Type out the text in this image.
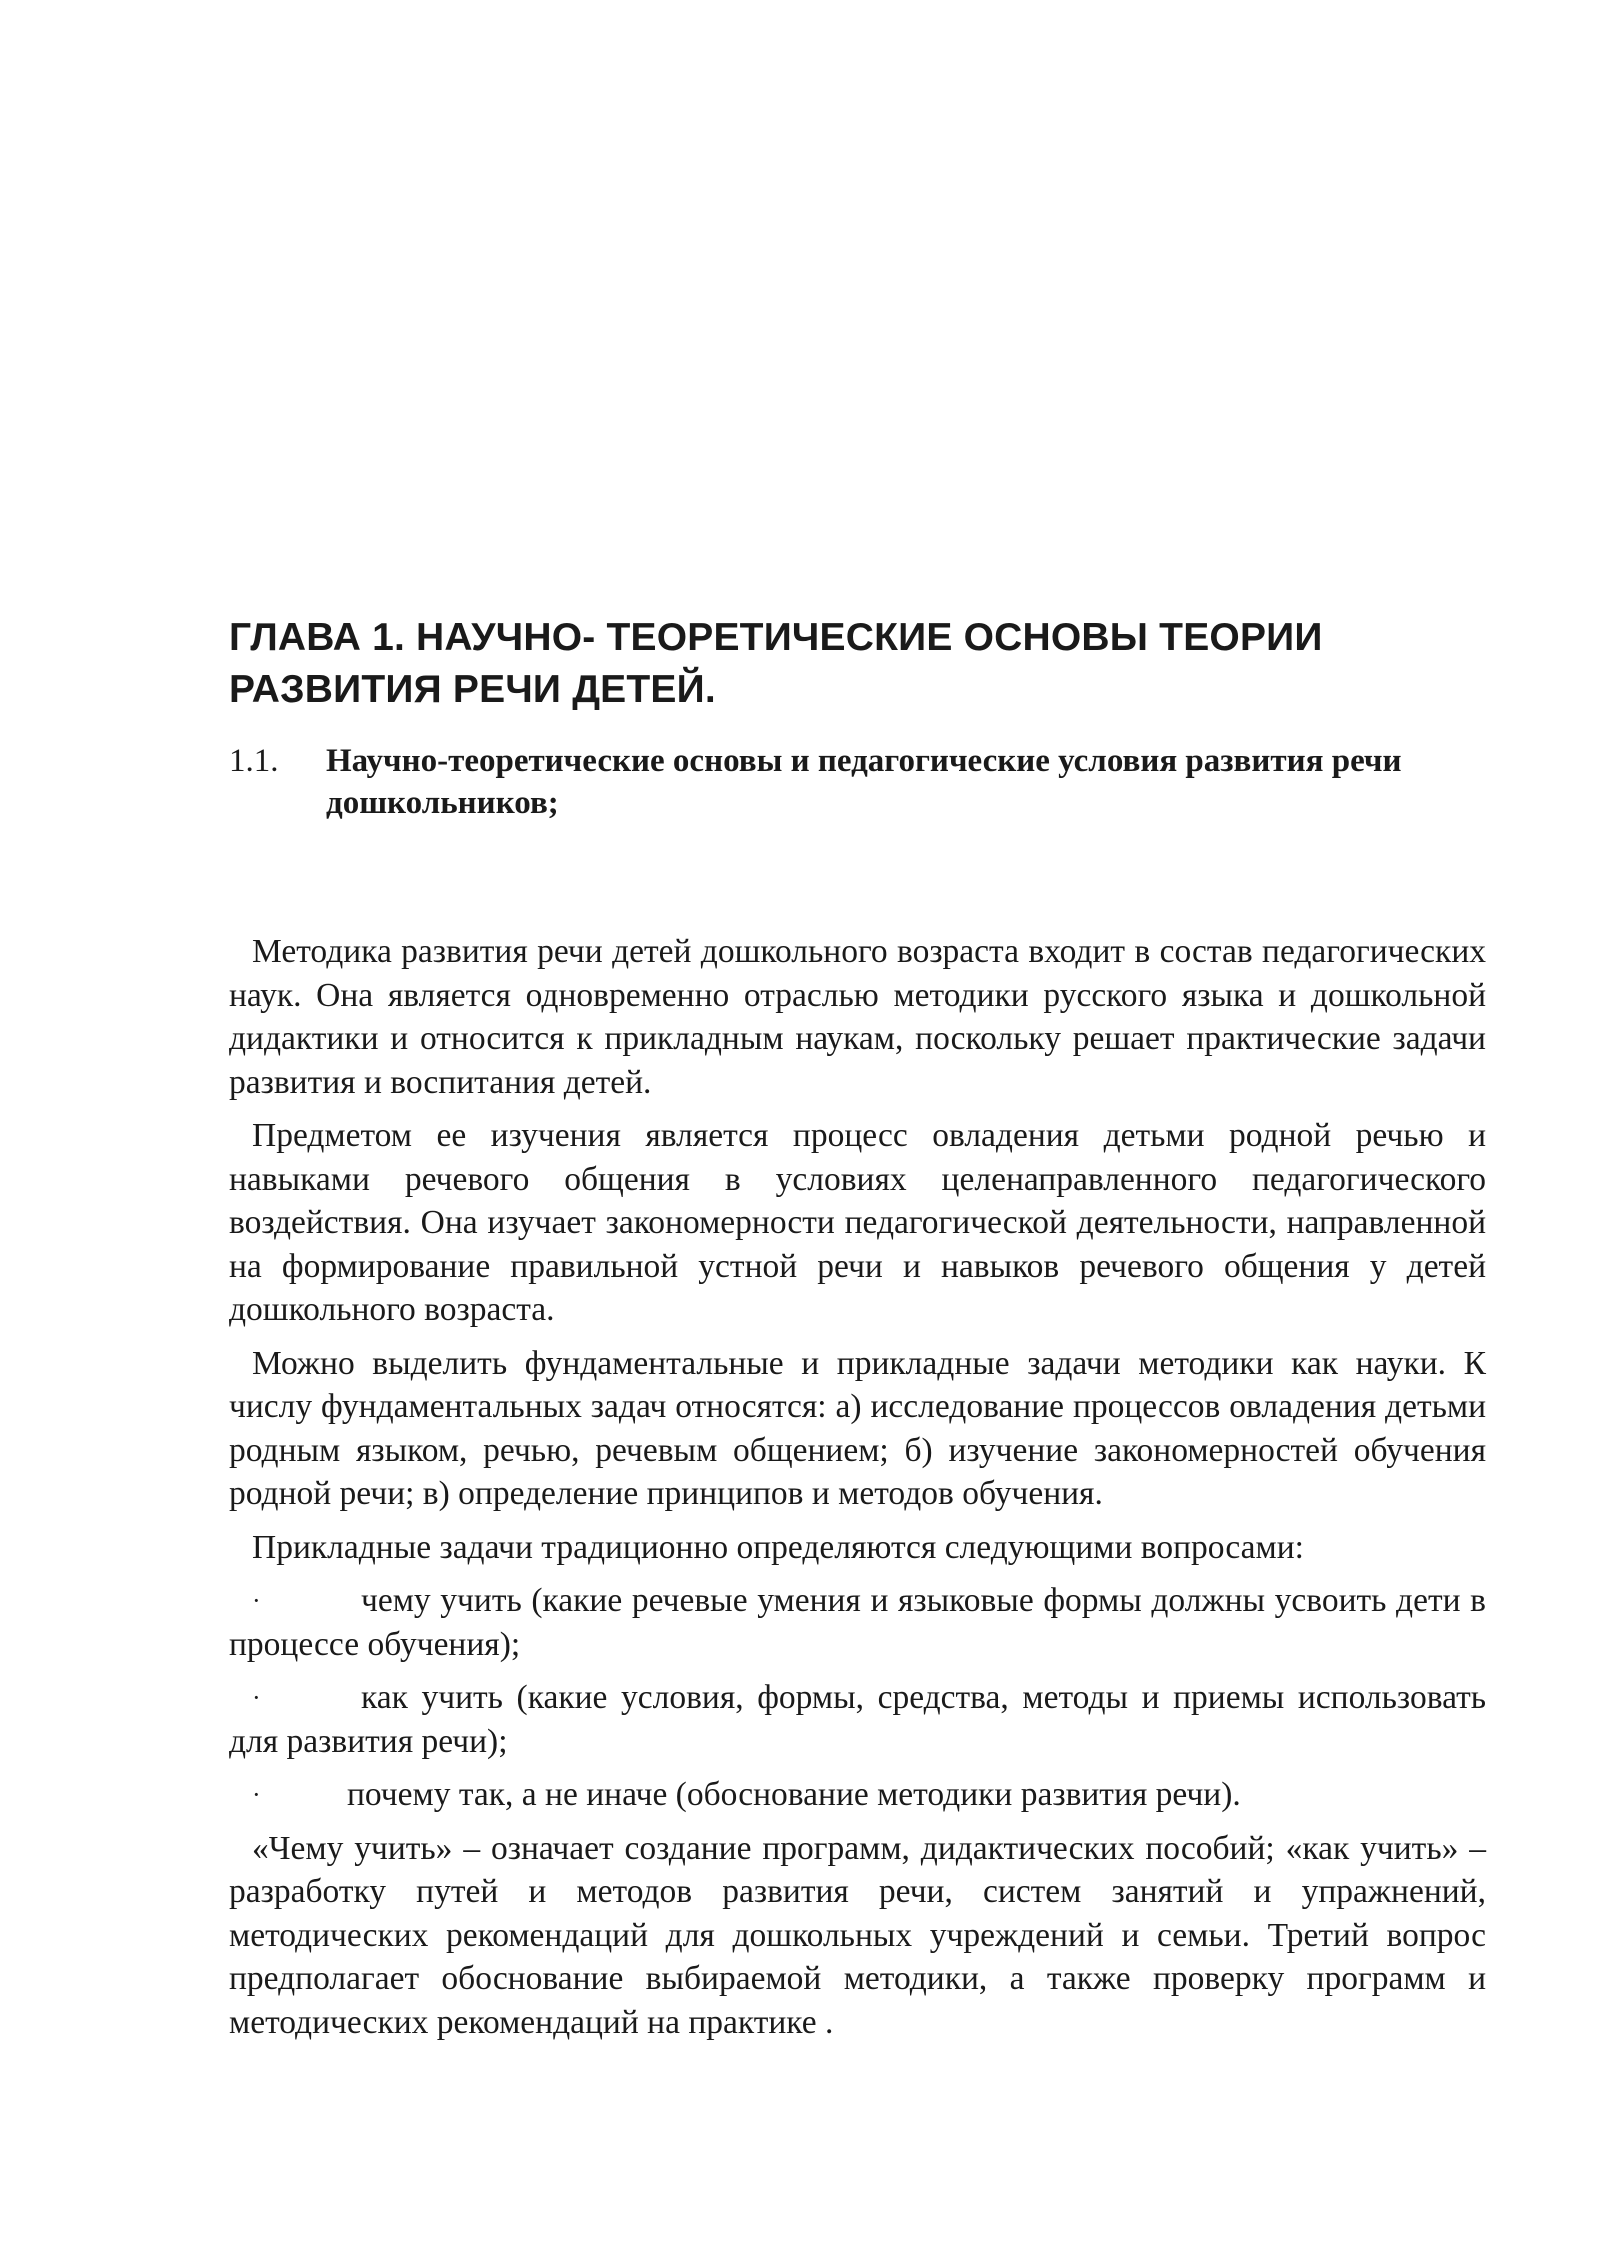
ГЛАВА 1. НАУЧНО- ТЕОРЕТИЧЕСКИЕ ОСНОВЫ ТЕОРИИ РАЗВИТИЯ РЕЧИ ДЕТЕЙ.
1.1. Научно-теоретические основы и педагогические условия развития речи дошкольников;

Методика развития речи детей дошкольного возраста входит в состав педагогических наук. Она является одновременно отраслью методики русского языка и дошкольной дидактики и относится к прикладным наукам, поскольку решает практические задачи развития и воспитания детей.

Предметом ее изучения является процесс овладения детьми родной речью и навыками речевого общения в условиях целенаправленного педагогического воздействия. Она изучает закономерности педагогической деятельности, направленной на формирование правильной устной речи и навыков речевого общения у детей дошкольного возраста.

Можно выделить фундаментальные и прикладные задачи методики как науки. К числу фундаментальных задач относятся: а) исследование процессов овладения детьми родным языком, речью, речевым общением; б) изучение закономерностей обучения родной речи; в) определение принципов и методов обучения.

Прикладные задачи традиционно определяются следующими вопросами:

·	чему учить (какие речевые умения и языковые формы должны усвоить дети в процессе обучения);

·	как учить (какие условия, формы, средства, методы и приемы использовать для развития речи);

·	почему так, а не иначе (обоснование методики развития речи).

«Чему учить» – означает создание программ, дидактических пособий; «как учить» – разработку путей и методов развития речи, систем занятий и упражнений, методических рекомендаций для дошкольных учреждений и семьи. Третий вопрос предполагает обоснование выбираемой методики, а также проверку программ и методических рекомендаций на практике .
